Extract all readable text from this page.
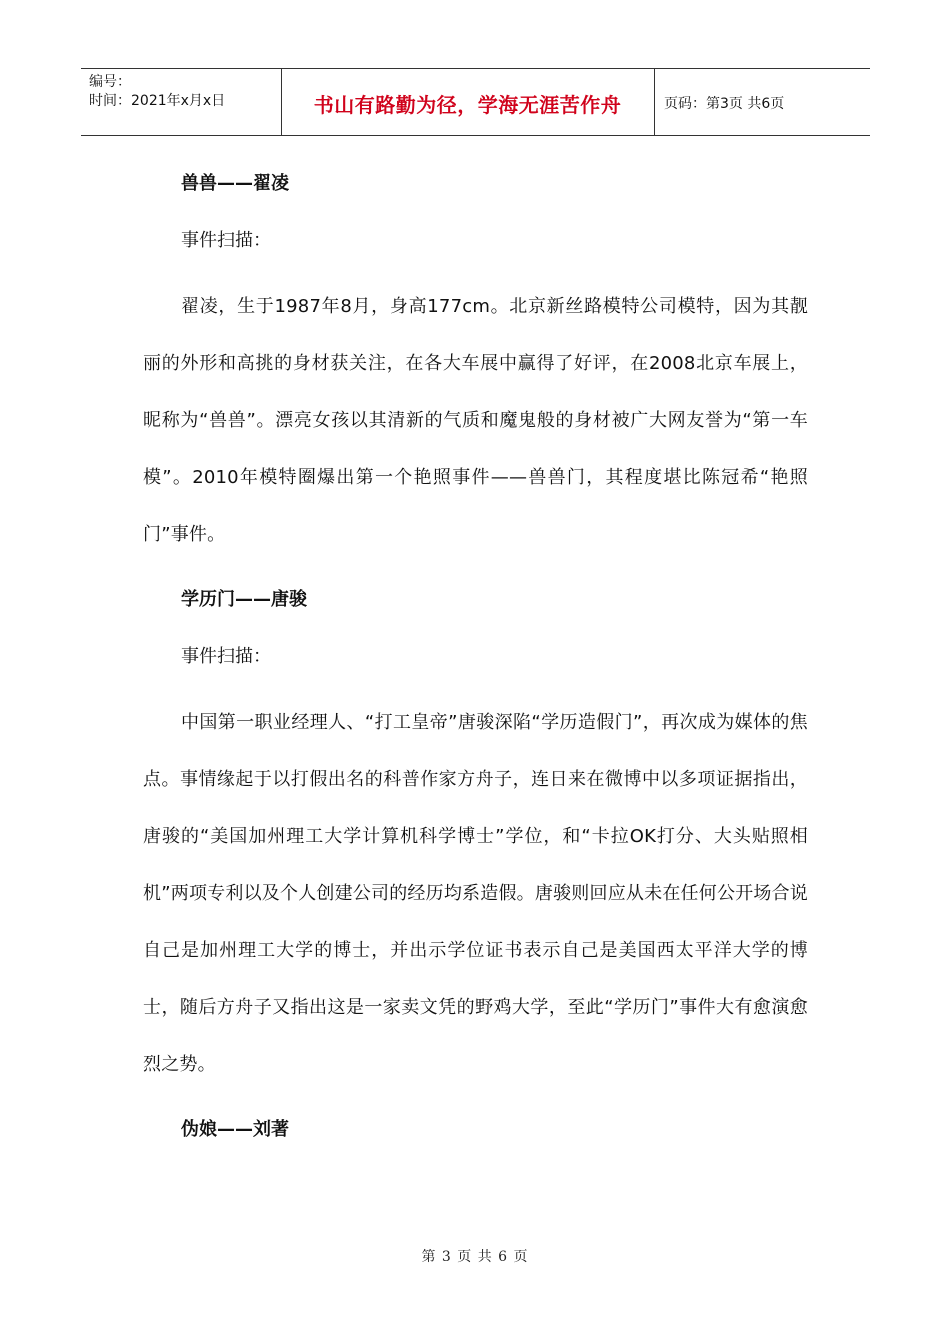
编号：
时间：2021年x月x日	书山有路勤为径，学海无涯苦作舟	页码：第3页 共6页
兽兽——翟凌
事件扫描：
翟凌，生于1987年8月，身高177cm。北京新丝路模特公司模特，因为其靓丽的外形和高挑的身材获关注，在各大车展中赢得了好评，在2008北京车展上，昵称为“兽兽”。漂亮女孩以其清新的气质和魔鬼般的身材被广大网友誉为“第一车模”。2010年模特圈爆出第一个艳照事件——兽兽门，其程度堪比陈冠希“艳照门”事件。
学历门——唐骏
事件扫描：
中国第一职业经理人、“打工皇帝”唐骏深陷“学历造假门”，再次成为媒体的焦点。事情缘起于以打假出名的科普作家方舟子，连日来在微博中以多项证据指出，唐骏的“美国加州理工大学计算机科学博士”学位，和“卡拉OK打分、大头贴照相机”两项专利以及个人创建公司的经历均系造假。唐骏则回应从未在任何公开场合说自己是加州理工大学的博士，并出示学位证书表示自己是美国西太平洋大学的博士，随后方舟子又指出这是一家卖文凭的野鸡大学，至此“学历门”事件大有愈演愈烈之势。
伪娘——刘著
第 3 页 共 6 页
